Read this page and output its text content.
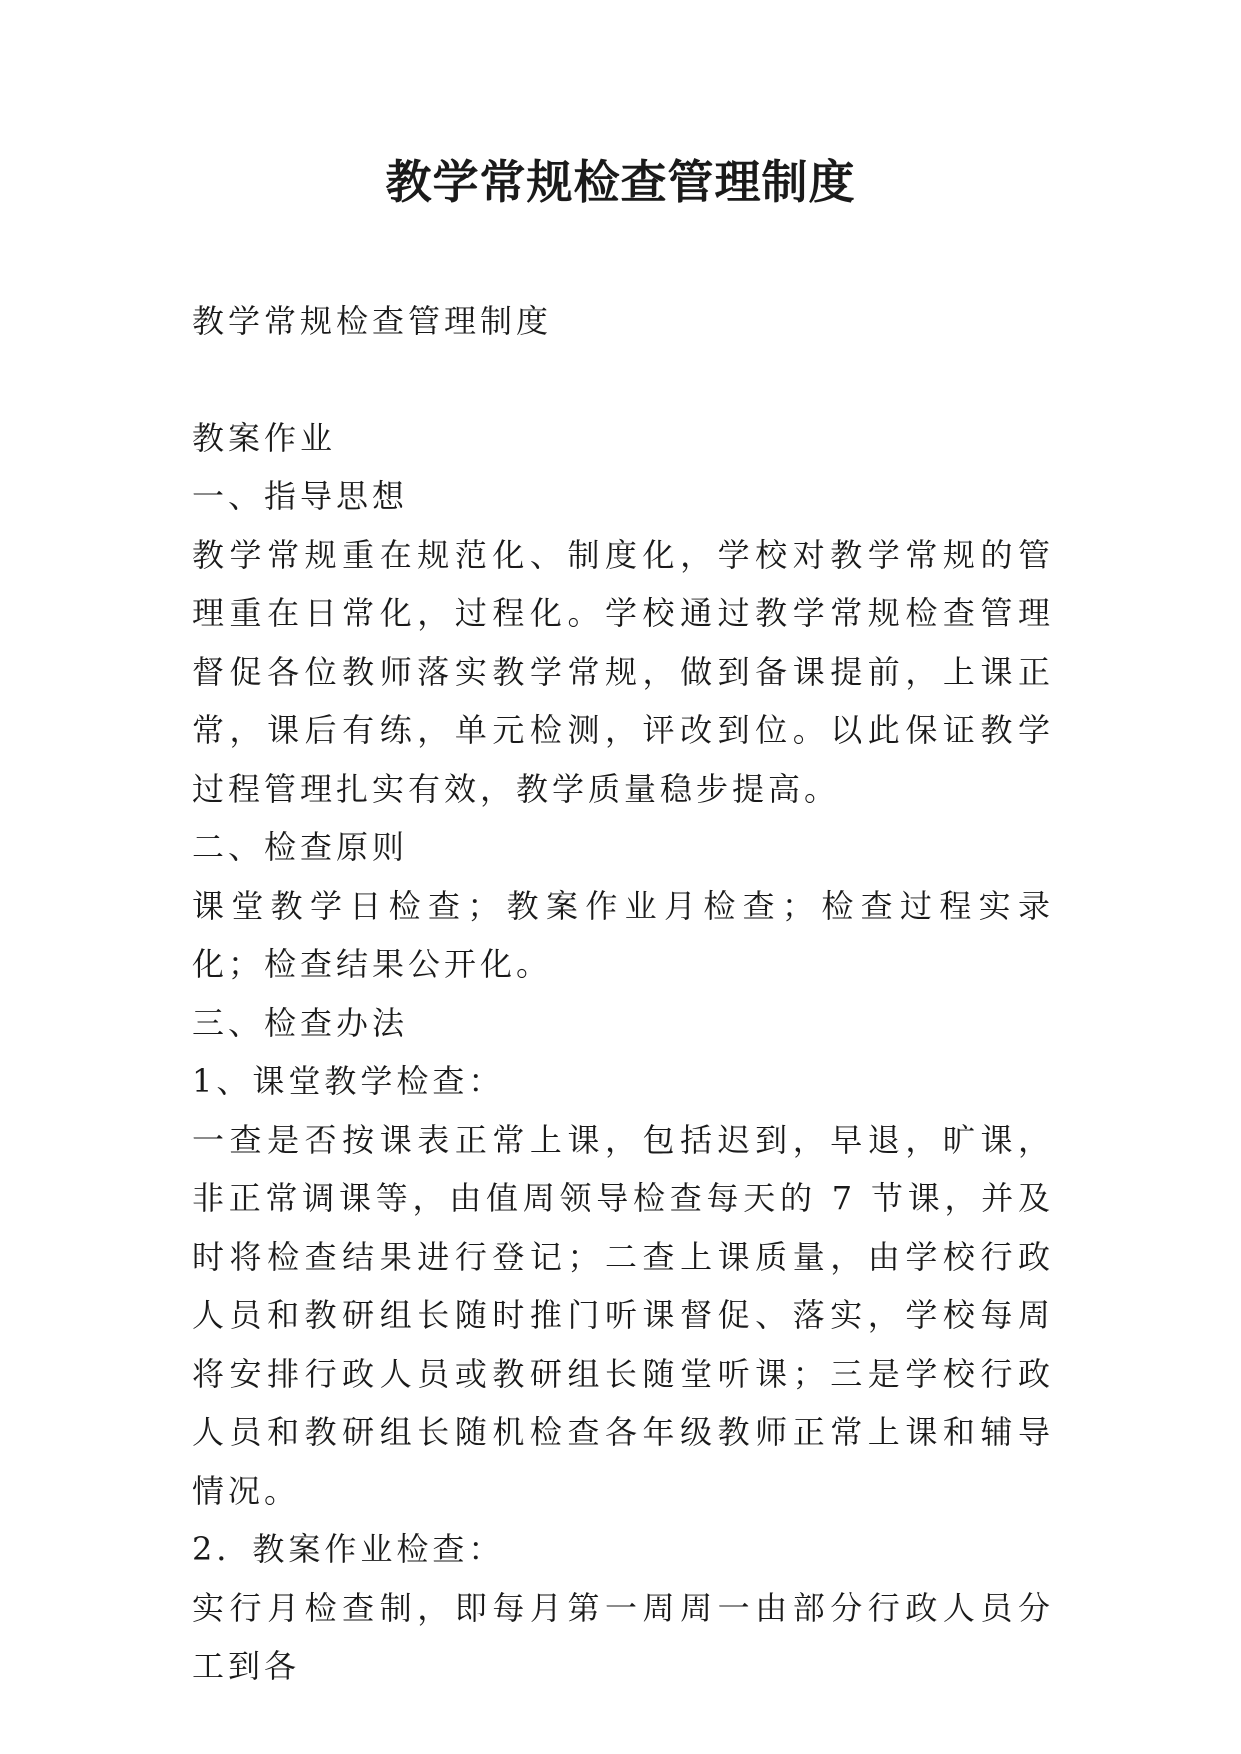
教学常规检查管理制度

教学常规检查管理制度

教案作业

一、指导思想

教学常规重在规范化、制度化，学校对教学常规的管理重在日常化，过程化。学校通过教学常规检查管理督促各位教师落实教学常规，做到备课提前，上课正常，课后有练，单元检测，评改到位。以此保证教学过程管理扎实有效，教学质量稳步提高。

二、检查原则

课堂教学日检查；教案作业月检查；检查过程实录化；检查结果公开化。

三、检查办法

1、课堂教学检查：

一查是否按课表正常上课，包括迟到，早退，旷课，非正常调课等，由值周领导检查每天的 7 节课，并及时将检查结果进行登记；二查上课质量，由学校行政人员和教研组长随时推门听课督促、落实，学校每周将安排行政人员或教研组长随堂听课；三是学校行政人员和教研组长随机检查各年级教师正常上课和辅导情况。

2．教案作业检查：

实行月检查制，即每月第一周周一由部分行政人员分工到各
